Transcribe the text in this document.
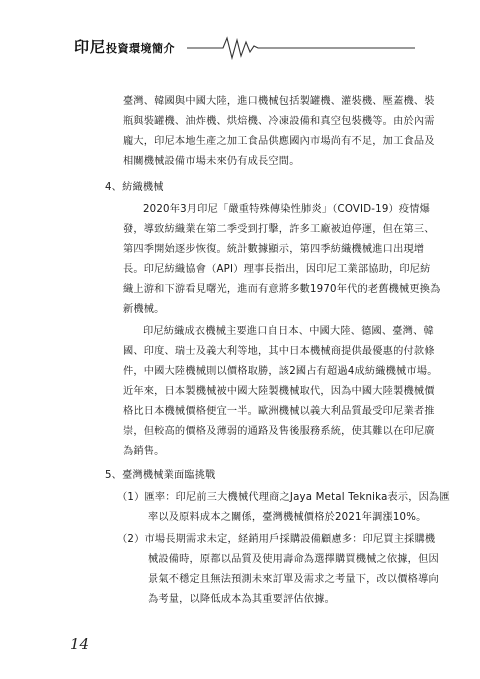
印尼投資環境簡介
臺灣、韓國與中國大陸，進口機械包括製罐機、灌裝機、壓蓋機、裝
瓶與裝罐機、油炸機、烘焙機、冷凍設備和真空包裝機等。由於內需
龐大，印尼本地生產之加工食品供應國內市場尚有不足，加工食品及
相關機械設備市場未來仍有成長空間。
4、紡織機械
2020年3月印尼「嚴重特殊傳染性肺炎」（COVID-19）疫情爆
發，導致紡織業在第二季受到打擊，許多工廠被迫停運，但在第三、
第四季開始逐步恢復。統計數據顯示，第四季紡織機械進口出現增
長。印尼紡織協會（API）理事長指出，因印尼工業部協助，印尼紡
織上游和下游看見曙光，進而有意將多數1970年代的老舊機械更換為
新機械。
印尼紡織成衣機械主要進口自日本、中國大陸、德國、臺灣、韓
國、印度、瑞士及義大利等地，其中日本機械商提供最優惠的付款條
件，中國大陸機械則以價格取勝，該2國占有超過4成紡織機械市場。
近年來，日本製機械被中國大陸製機械取代，因為中國大陸製機械價
格比日本機械價格便宜一半。歐洲機械以義大利品質最受印尼業者推
崇，但較高的價格及薄弱的通路及售後服務系統，使其難以在印尼廣
為銷售。
5、臺灣機械業面臨挑戰
（1）匯率：印尼前三大機械代理商之Jaya Metal Teknika表示，因為匯
率以及原料成本之關係，臺灣機械價格於2021年調漲10%。
（2）市場長期需求未定，経銷用戶採購設備顧慮多：印尼買主採購機
械設備時，原都以品質及使用壽命為選擇購買機械之依據，但因
景氣不穩定且無法預測未來訂單及需求之考量下，改以價格導向
為考量，以降低成本為其重要評估依據。
14
